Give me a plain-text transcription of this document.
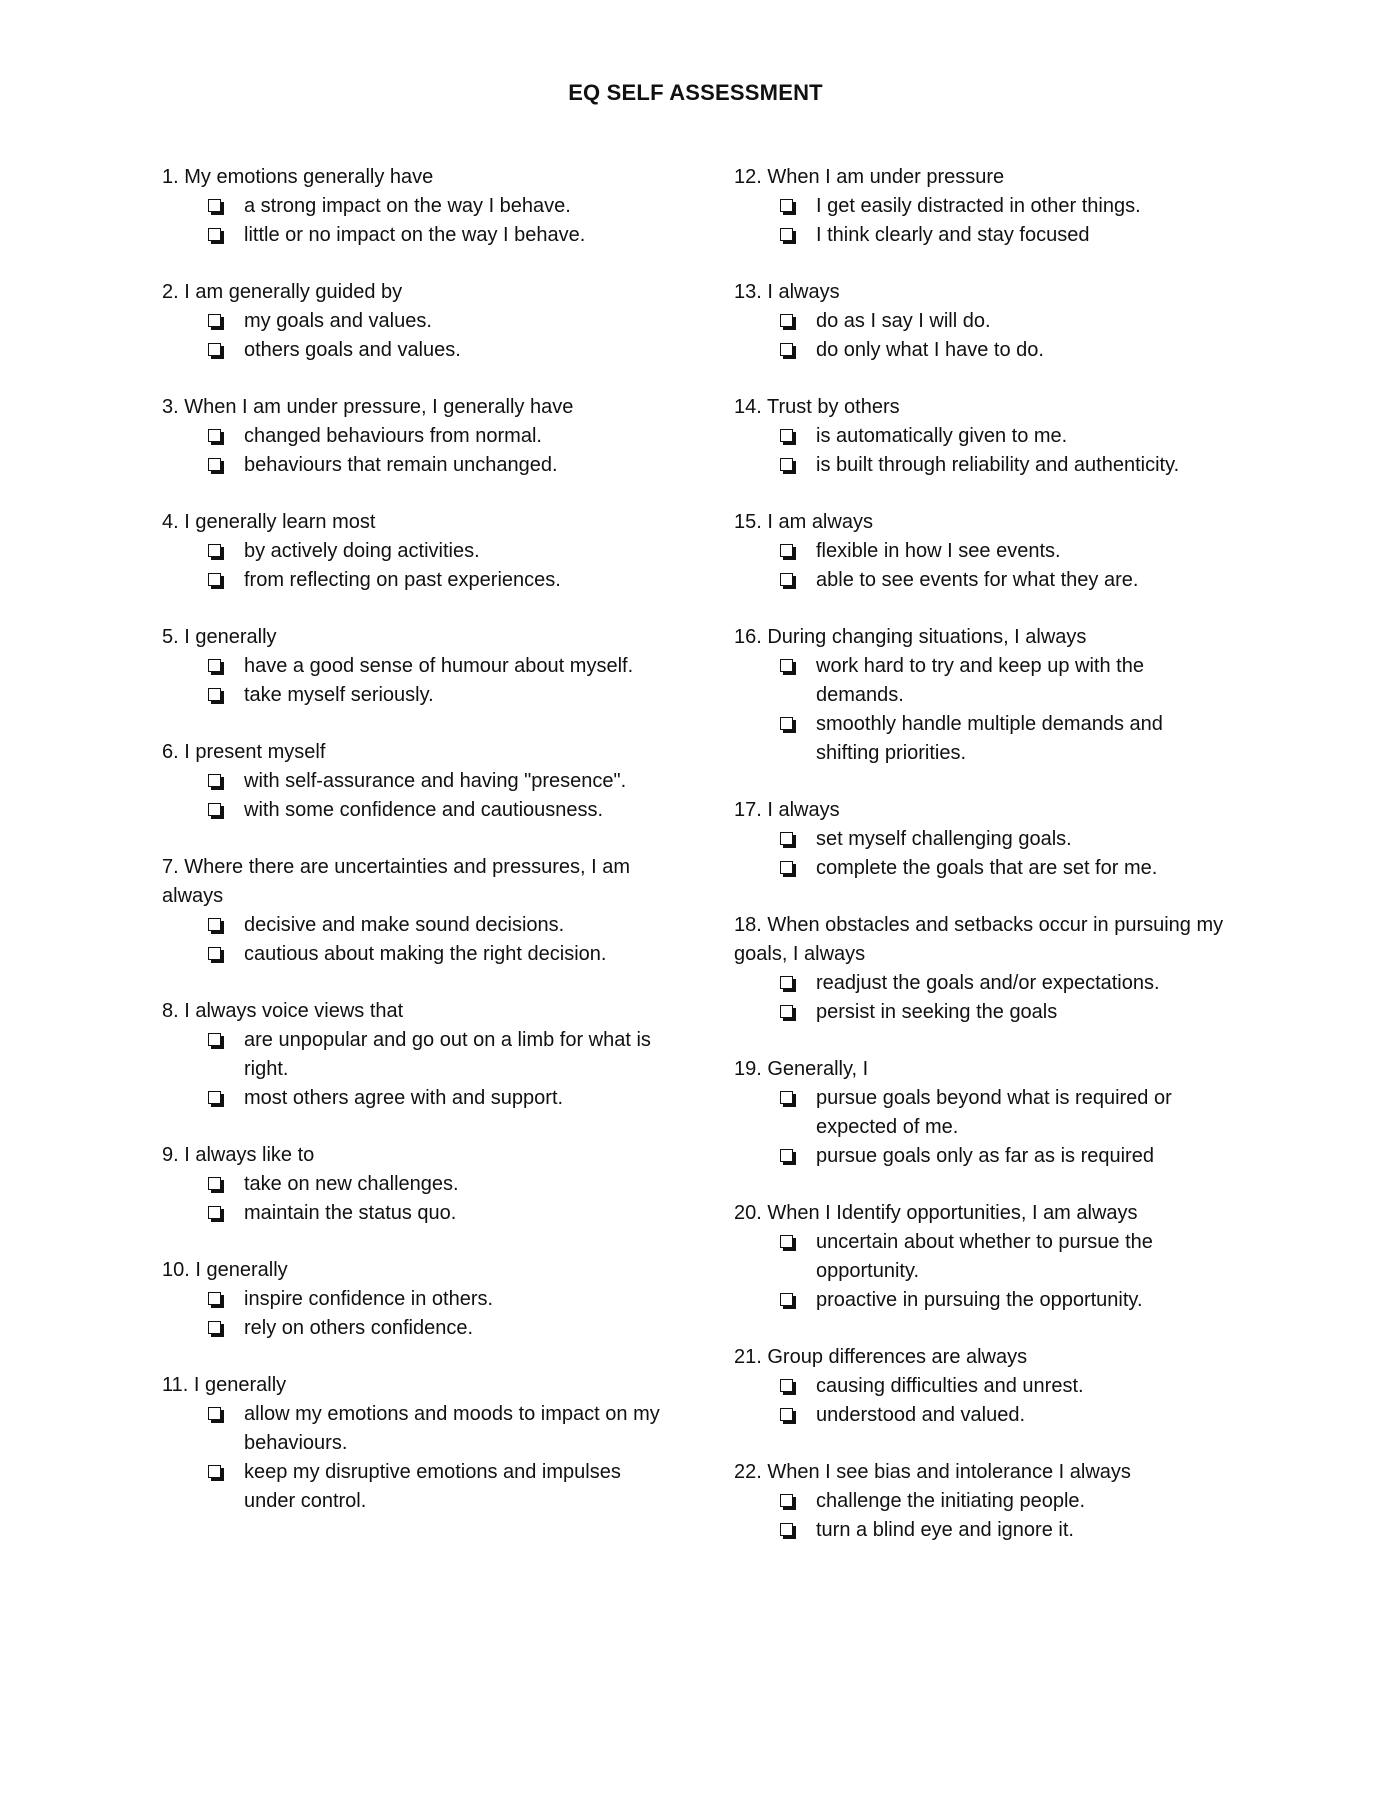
EQ SELF ASSESSMENT
1. My emotions generally have
a strong impact on the way I behave.
little or no impact on the way I behave.
2. I am generally guided by
my goals and values.
others goals and values.
3. When I am under pressure, I generally have
changed behaviours from normal.
behaviours that remain unchanged.
4. I generally learn most
by actively doing activities.
from reflecting on past experiences.
5. I generally
have a good sense of humour about myself.
take myself seriously.
6. I present myself
with self-assurance and having "presence".
with some confidence and cautiousness.
7. Where there are uncertainties and pressures, I am always
decisive and make sound decisions.
cautious about making the right decision.
8. I always voice views that
are unpopular and go out on a limb for what is right.
most others agree with and support.
9. I always like to
take on new challenges.
maintain the status quo.
10. I generally
inspire confidence in others.
rely on others confidence.
11. I generally
allow my emotions and moods to impact on my behaviours.
keep my disruptive emotions and impulses under control.
12. When I am under pressure
I get easily distracted in other things.
I think clearly and stay focused
13. I always
do as I say I will do.
do only what I have to do.
14. Trust by others
is automatically given to me.
is built through reliability and authenticity.
15. I am always
flexible in how I see events.
able to see events for what they are.
16. During changing situations, I always
work hard to try and keep up with the demands.
smoothly handle multiple demands and shifting priorities.
17. I always
set myself challenging goals.
complete the goals that are set for me.
18. When obstacles and setbacks occur in pursuing my goals, I always
readjust the goals and/or expectations.
persist in seeking the goals
19. Generally, I
pursue goals beyond what is required or expected of me.
pursue goals only as far as is required
20. When I Identify opportunities, I am always
uncertain about whether to pursue the opportunity.
proactive in pursuing the opportunity.
21. Group differences are always
causing difficulties and unrest.
understood and valued.
22. When I see bias and intolerance I always
challenge the initiating people.
turn a blind eye and ignore it.
